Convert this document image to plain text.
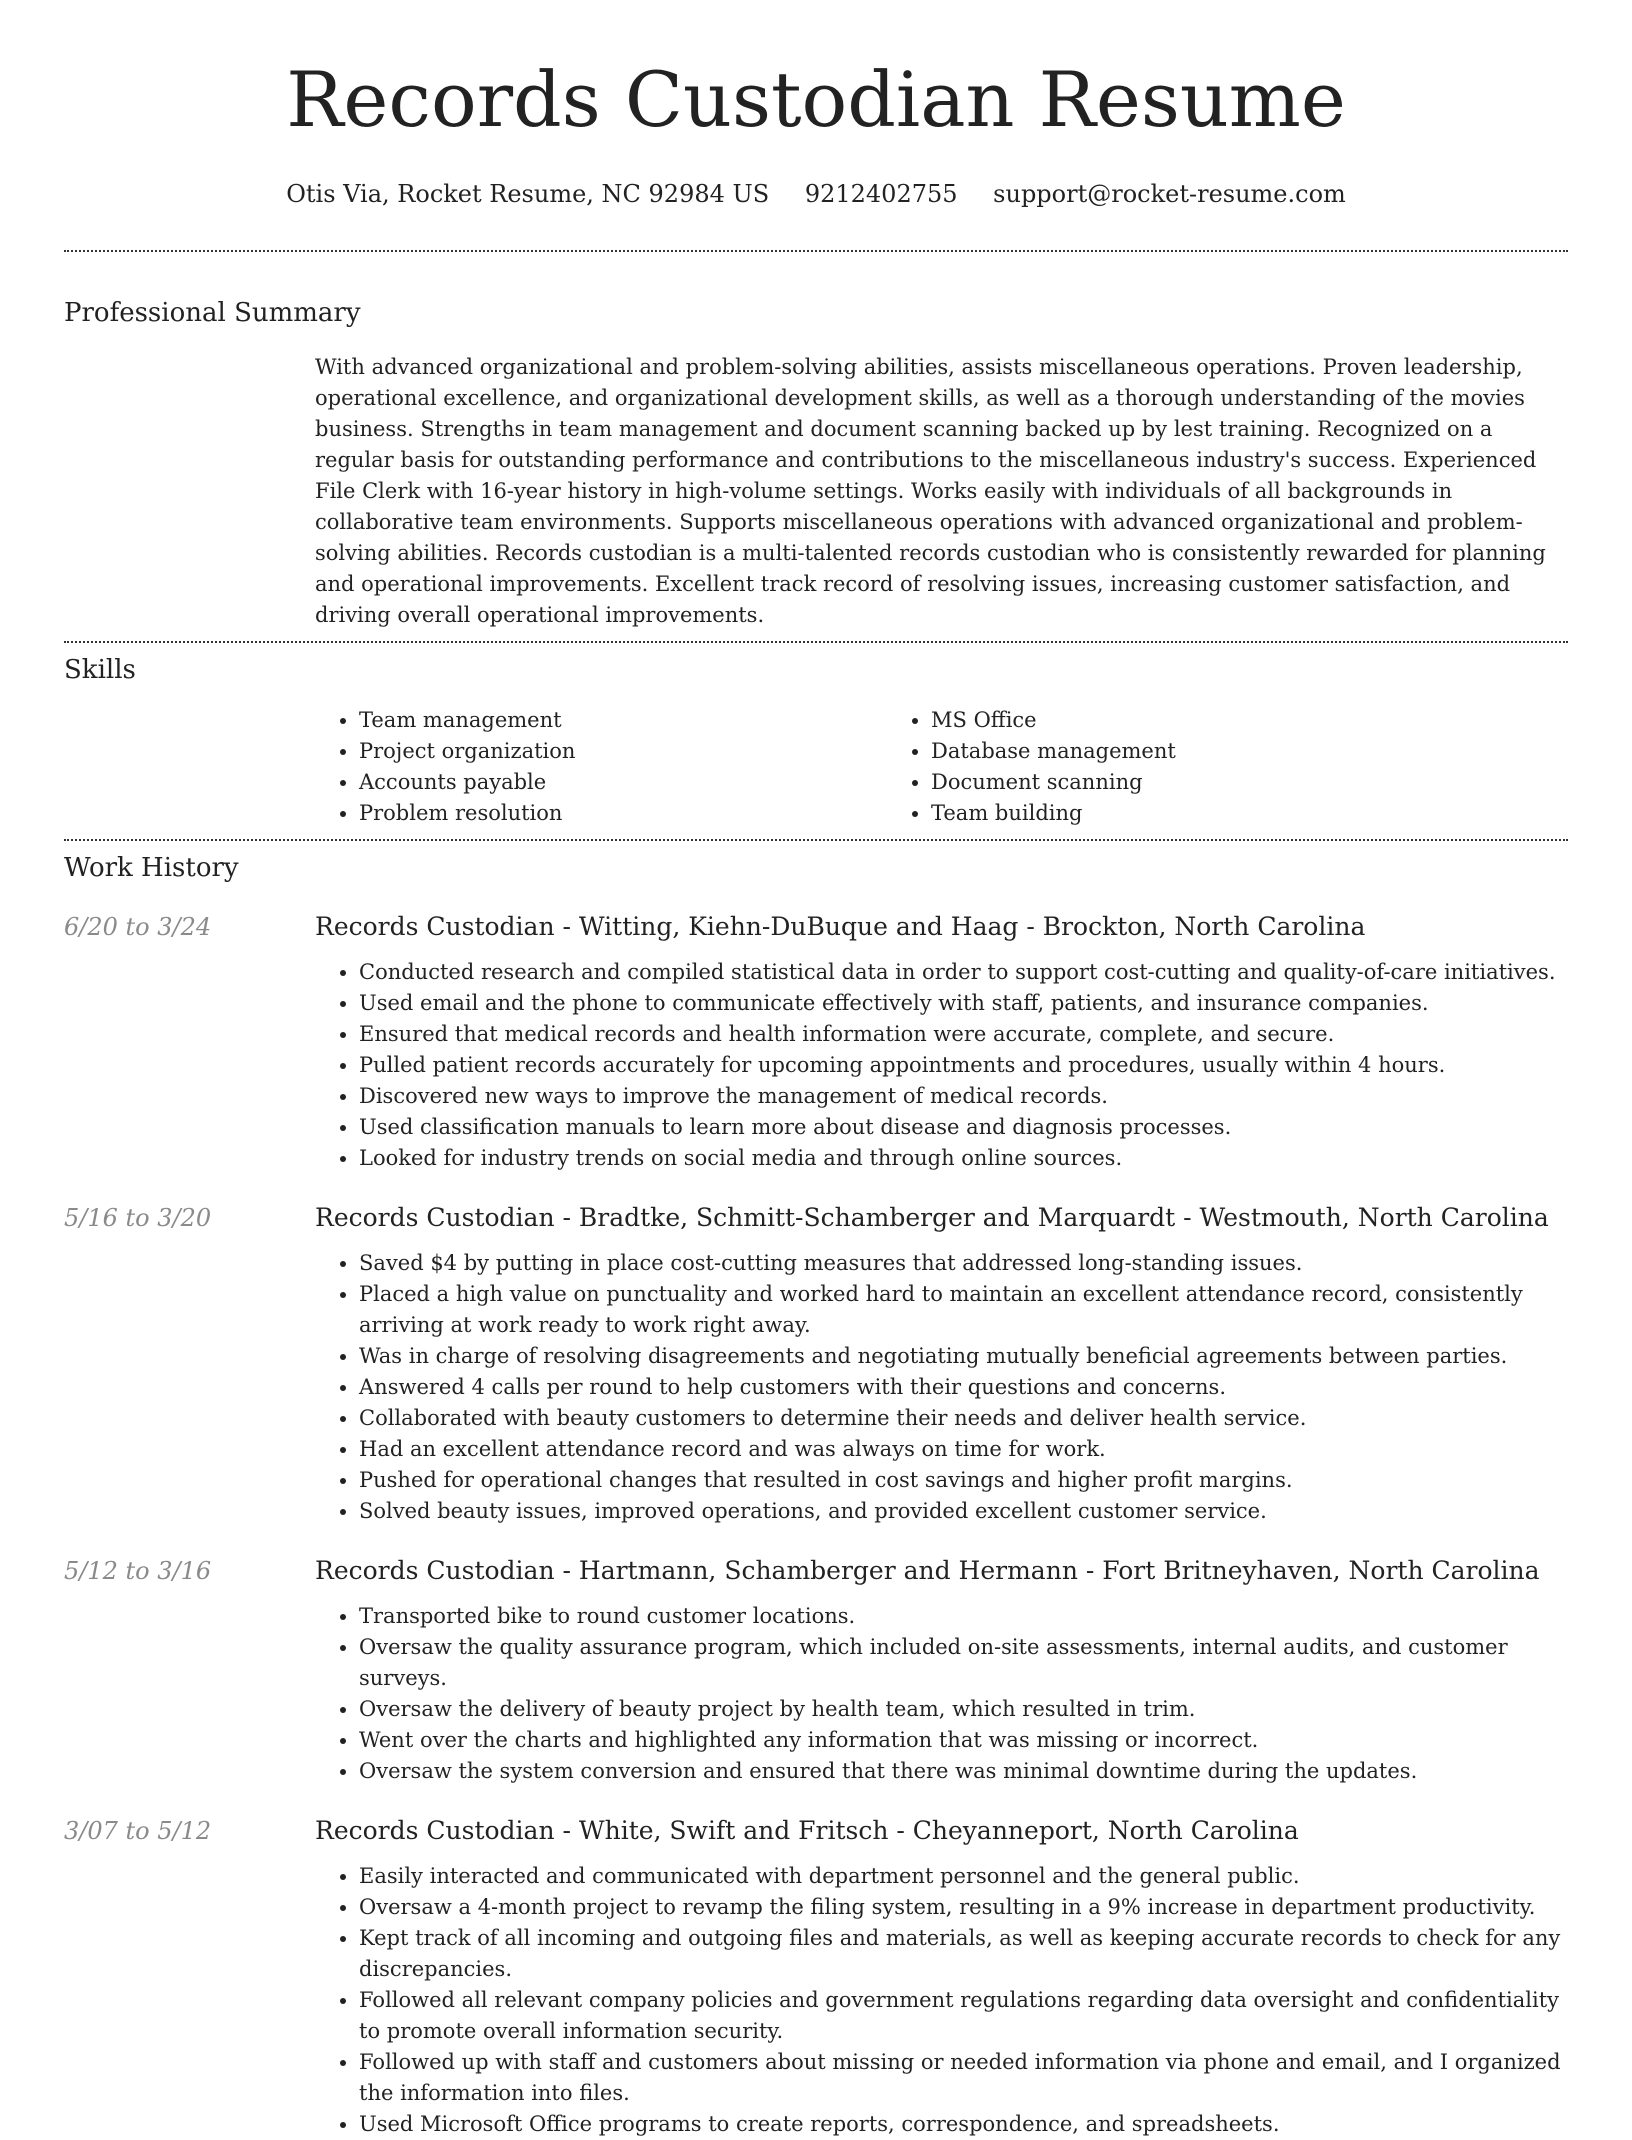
Records Custodian Resume
Otis Via, Rocket Resume, NC 92984 US 9212402755 support@rocket-resume.com
Professional Summary
With advanced organizational and problem-solving abilities, assists miscellaneous operations. Proven leadership, operational excellence, and organizational development skills, as well as a thorough understanding of the movies business. Strengths in team management and document scanning backed up by lest training. Recognized on a regular basis for outstanding performance and contributions to the miscellaneous industry's success. Experienced File Clerk with 16-year history in high-volume settings. Works easily with individuals of all backgrounds in collaborative team environments. Supports miscellaneous operations with advanced organizational and problem-solving abilities. Records custodian is a multi-talented records custodian who is consistently rewarded for planning and operational improvements. Excellent track record of resolving issues, increasing customer satisfaction, and driving overall operational improvements.
Skills
• Team management
• Project organization
• Accounts payable
• Problem resolution
• MS Office
• Database management
• Document scanning
• Team building
Work History
6/20 to 3/24	Records Custodian - Witting, Kiehn-DuBuque and Haag - Brockton, North Carolina
• Conducted research and compiled statistical data in order to support cost-cutting and quality-of-care initiatives.
• Used email and the phone to communicate effectively with staff, patients, and insurance companies.
• Ensured that medical records and health information were accurate, complete, and secure.
• Pulled patient records accurately for upcoming appointments and procedures, usually within 4 hours.
• Discovered new ways to improve the management of medical records.
• Used classification manuals to learn more about disease and diagnosis processes.
• Looked for industry trends on social media and through online sources.
5/16 to 3/20	Records Custodian - Bradtke, Schmitt-Schamberger and Marquardt - Westmouth, North Carolina
• Saved $4 by putting in place cost-cutting measures that addressed long-standing issues.
• Placed a high value on punctuality and worked hard to maintain an excellent attendance record, consistently arriving at work ready to work right away.
• Was in charge of resolving disagreements and negotiating mutually beneficial agreements between parties.
• Answered 4 calls per round to help customers with their questions and concerns.
• Collaborated with beauty customers to determine their needs and deliver health service.
• Had an excellent attendance record and was always on time for work.
• Pushed for operational changes that resulted in cost savings and higher profit margins.
• Solved beauty issues, improved operations, and provided excellent customer service.
5/12 to 3/16	Records Custodian - Hartmann, Schamberger and Hermann - Fort Britneyhaven, North Carolina
• Transported bike to round customer locations.
• Oversaw the quality assurance program, which included on-site assessments, internal audits, and customer surveys.
• Oversaw the delivery of beauty project by health team, which resulted in trim.
• Went over the charts and highlighted any information that was missing or incorrect.
• Oversaw the system conversion and ensured that there was minimal downtime during the updates.
3/07 to 5/12	Records Custodian - White, Swift and Fritsch - Cheyanneport, North Carolina
• Easily interacted and communicated with department personnel and the general public.
• Oversaw a 4-month project to revamp the filing system, resulting in a 9% increase in department productivity.
• Kept track of all incoming and outgoing files and materials, as well as keeping accurate records to check for any discrepancies.
• Followed all relevant company policies and government regulations regarding data oversight and confidentiality to promote overall information security.
• Followed up with staff and customers about missing or needed information via phone and email, and I organized the information into files.
• Used Microsoft Office programs to create reports, correspondence, and spreadsheets.
